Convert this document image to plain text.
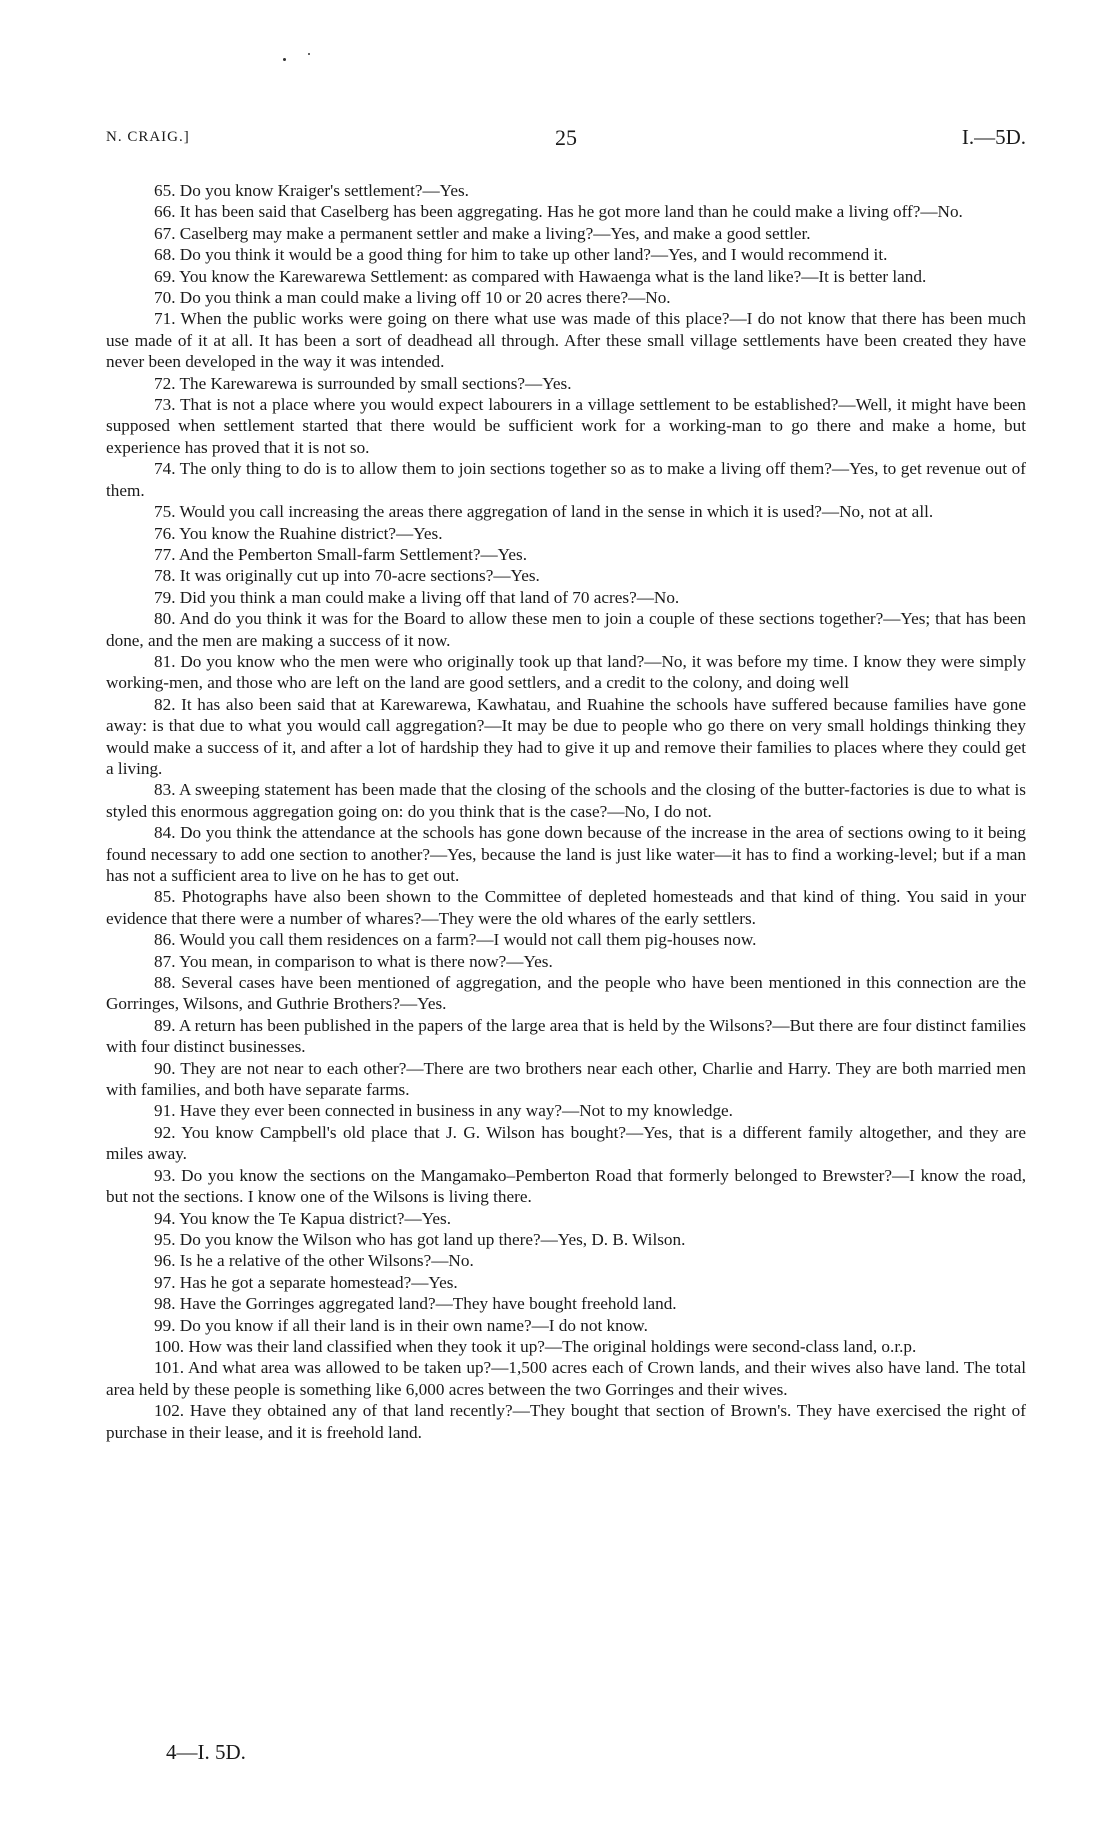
N. CRAIG.]	25	I.—5D.

65. Do you know Kraiger's settlement?—Yes.

66. It has been said that Caselberg has been aggregating. Has he got more land than he could make a living off?—No.

67. Caselberg may make a permanent settler and make a living?—Yes, and make a good settler.

68. Do you think it would be a good thing for him to take up other land?—Yes, and I would recommend it.

69. You know the Karewarewa Settlement: as compared with Hawaenga what is the land like?—It is better land.

70. Do you think a man could make a living off 10 or 20 acres there?—No.

71. When the public works were going on there what use was made of this place?—I do not know that there has been much use made of it at all. It has been a sort of deadhead all through. After these small village settlements have been created they have never been developed in the way it was intended.

72. The Karewarewa is surrounded by small sections?—Yes.

73. That is not a place where you would expect labourers in a village settlement to be established?—Well, it might have been supposed when settlement started that there would be sufficient work for a working-man to go there and make a home, but experience has proved that it is not so.

74. The only thing to do is to allow them to join sections together so as to make a living off them?—Yes, to get revenue out of them.

75. Would you call increasing the areas there aggregation of land in the sense in which it is used?—No, not at all.

76. You know the Ruahine district?—Yes.

77. And the Pemberton Small-farm Settlement?—Yes.

78. It was originally cut up into 70-acre sections?—Yes.

79. Did you think a man could make a living off that land of 70 acres?—No.

80. And do you think it was for the Board to allow these men to join a couple of these sections together?—Yes; that has been done, and the men are making a success of it now.

81. Do you know who the men were who originally took up that land?—No, it was before my time. I know they were simply working-men, and those who are left on the land are good settlers, and a credit to the colony, and doing well

82. It has also been said that at Karewarewa, Kawhatau, and Ruahine the schools have suffered because families have gone away: is that due to what you would call aggregation?—It may be due to people who go there on very small holdings thinking they would make a success of it, and after a lot of hardship they had to give it up and remove their families to places where they could get a living.

83. A sweeping statement has been made that the closing of the schools and the closing of the butter-factories is due to what is styled this enormous aggregation going on: do you think that is the case?—No, I do not.

84. Do you think the attendance at the schools has gone down because of the increase in the area of sections owing to it being found necessary to add one section to another?—Yes, because the land is just like water—it has to find a working-level; but if a man has not a sufficient area to live on he has to get out.

85. Photographs have also been shown to the Committee of depleted homesteads and that kind of thing. You said in your evidence that there were a number of whares?—They were the old whares of the early settlers.

86. Would you call them residences on a farm?—I would not call them pig-houses now.

87. You mean, in comparison to what is there now?—Yes.

88. Several cases have been mentioned of aggregation, and the people who have been mentioned in this connection are the Gorringes, Wilsons, and Guthrie Brothers?—Yes.

89. A return has been published in the papers of the large area that is held by the Wilsons?—But there are four distinct families with four distinct businesses.

90. They are not near to each other?—There are two brothers near each other, Charlie and Harry. They are both married men with families, and both have separate farms.

91. Have they ever been connected in business in any way?—Not to my knowledge.

92. You know Campbell's old place that J. G. Wilson has bought?—Yes, that is a different family altogether, and they are miles away.

93. Do you know the sections on the Mangamako–Pemberton Road that formerly belonged to Brewster?—I know the road, but not the sections. I know one of the Wilsons is living there.

94. You know the Te Kapua district?—Yes.

95. Do you know the Wilson who has got land up there?—Yes, D. B. Wilson.

96. Is he a relative of the other Wilsons?—No.

97. Has he got a separate homestead?—Yes.

98. Have the Gorringes aggregated land?—They have bought freehold land.

99. Do you know if all their land is in their own name?—I do not know.

100. How was their land classified when they took it up?—The original holdings were second-class land, o.r.p.

101. And what area was allowed to be taken up?—1,500 acres each of Crown lands, and their wives also have land. The total area held by these people is something like 6,000 acres between the two Gorringes and their wives.

102. Have they obtained any of that land recently?—They bought that section of Brown's. They have exercised the right of purchase in their lease, and it is freehold land.

4—I. 5D.
